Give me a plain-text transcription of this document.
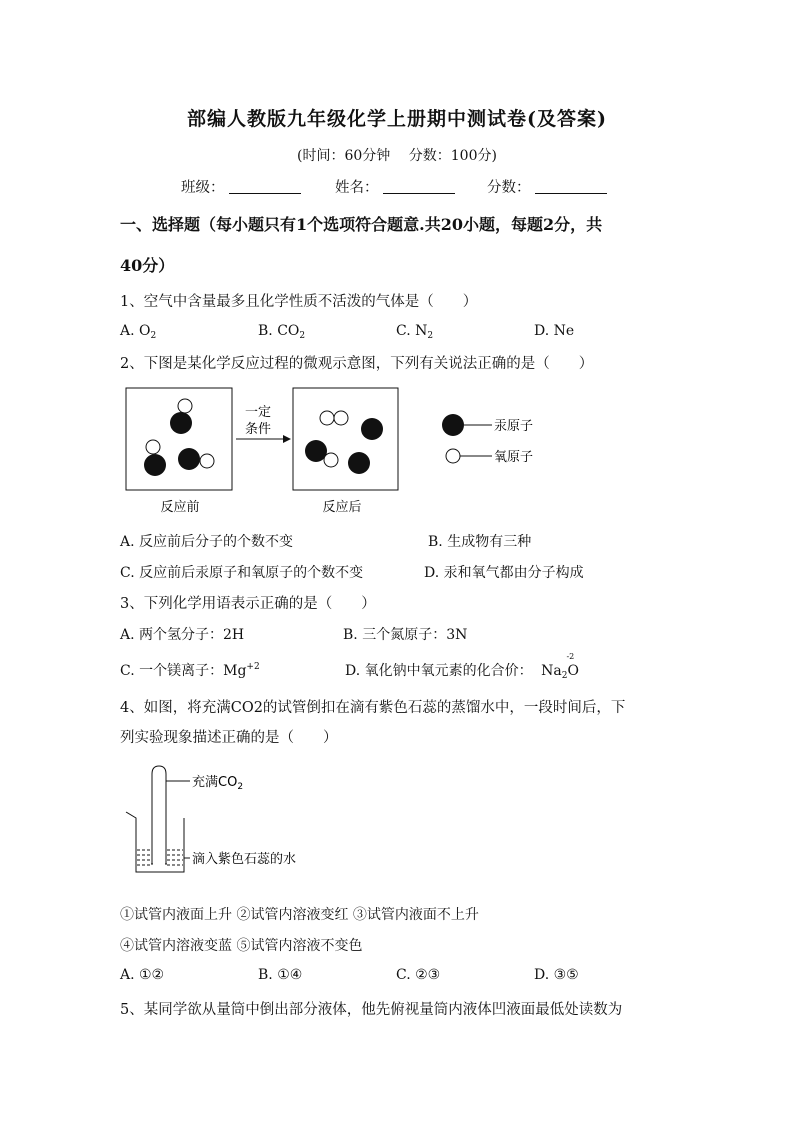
部编人教版九年级化学上册期中测试卷(及答案)
(时间：60分钟　 分数：100分)
班级：	姓名：	分数：
一、选择题（每小题只有1个选项符合题意.共20小题，每题2分，共
40分）
1、空气中含量最多且化学性质不活泼的气体是（　　）
A. $O_2$	B. $CO_2$	C. $N_2$	D. Ne
2、下图是某化学反应过程的微观示意图，下列有关说法正确的是（　　）
一定
条件
反应前	反应后
汞原子
氧原子
A. 反应前后分子的个数不变	B. 生成物有三种
C. 反应前后汞原子和氧原子的个数不变	D. 汞和氧气都由分子构成
3、下列化学用语表示正确的是（　　）
A. 两个氢分子：2H	B. 三个氮原子：3N
C. 一个镁离子：$Mg^{+2}$	D. 氧化钠中氧元素的化合价： $Na_2$
-2
O
4、如图，将充满CO2的试管倒扣在滴有紫色石蕊的蒸馏水中，一段时间后，下
列实验现象描述正确的是（　　）
充满$CO_2$
滴入紫色石蕊的水
①试管内液面上升 ②试管内溶液变红 ③试管内液面不上升
④试管内溶液变蓝 ⑤试管内溶液不变色
A. ①②	B. ①④	C. ②③	D. ③⑤
5、某同学欲从量筒中倒出部分液体，他先俯视量筒内液体凹液面最低处读数为
